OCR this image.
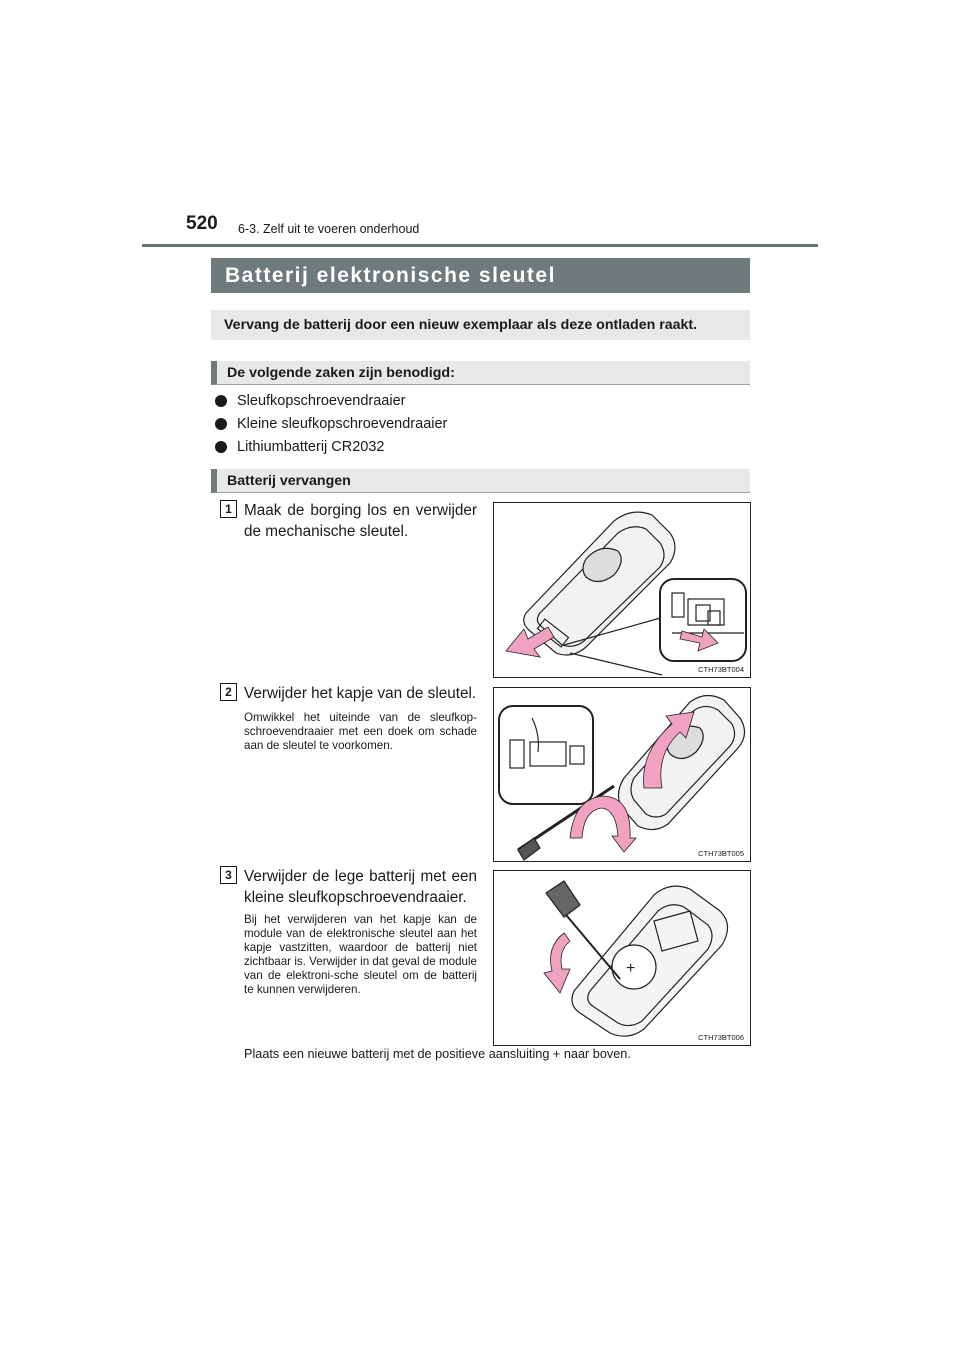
520 6-3. Zelf uit te voeren onderhoud
Batterij elektronische sleutel
Vervang de batterij door een nieuw exemplaar als deze ontladen raakt.
De volgende zaken zijn benodigd:
Sleufkopschroevendraaier
Kleine sleufkopschroevendraaier
Lithiumbatterij CR2032
Batterij vervangen
1 Maak de borging los en verwijder de mechanische sleutel.
CTH73BT004
2 Verwijder het kapje van de sleutel.
Omwikkel het uiteinde van de sleufkop-schroevendraaier met een doek om schade aan de sleutel te voorkomen.
CTH73BT005
3 Verwijder de lege batterij met een kleine sleufkopschroevendraaier.
Bij het verwijderen van het kapje kan de module van de elektronische sleutel aan het kapje vastzitten, waardoor de batterij niet zichtbaar is. Verwijder in dat geval de module van de elektroni-sche sleutel om de batterij te kunnen verwijderen.
+
CTH73BT006
Plaats een nieuwe batterij met de positieve aansluiting + naar boven.
